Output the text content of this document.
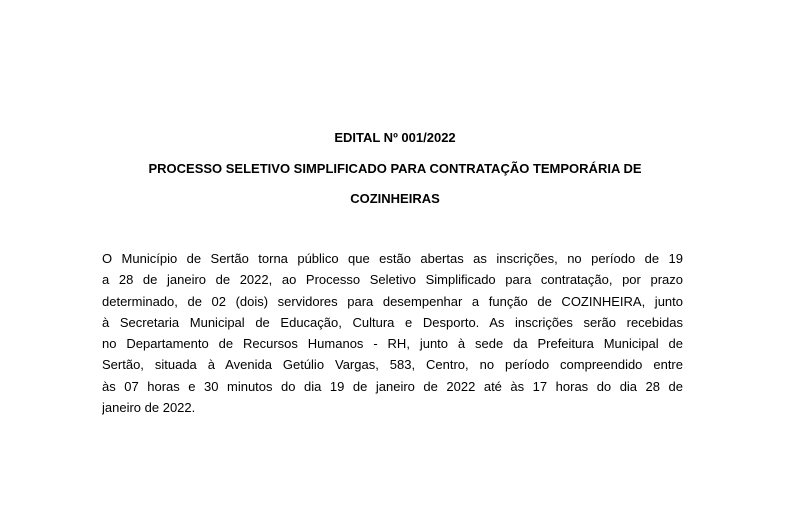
EDITAL Nº 001/2022
PROCESSO SELETIVO SIMPLIFICADO PARA CONTRATAÇÃO TEMPORÁRIA DE
COZINHEIRAS
O Município de Sertão torna público que estão abertas as inscrições, no período de 19
a 28 de janeiro de 2022, ao Processo Seletivo Simplificado para contratação, por prazo
determinado, de 02 (dois) servidores para desempenhar a função de COZINHEIRA, junto
à Secretaria Municipal de Educação, Cultura e Desporto. As inscrições serão recebidas
no Departamento de Recursos Humanos - RH, junto à sede da Prefeitura Municipal de
Sertão, situada à Avenida Getúlio Vargas, 583, Centro, no período compreendido entre
às 07 horas e 30 minutos do dia 19 de janeiro de 2022 até às 17 horas do dia 28 de
janeiro de 2022.
